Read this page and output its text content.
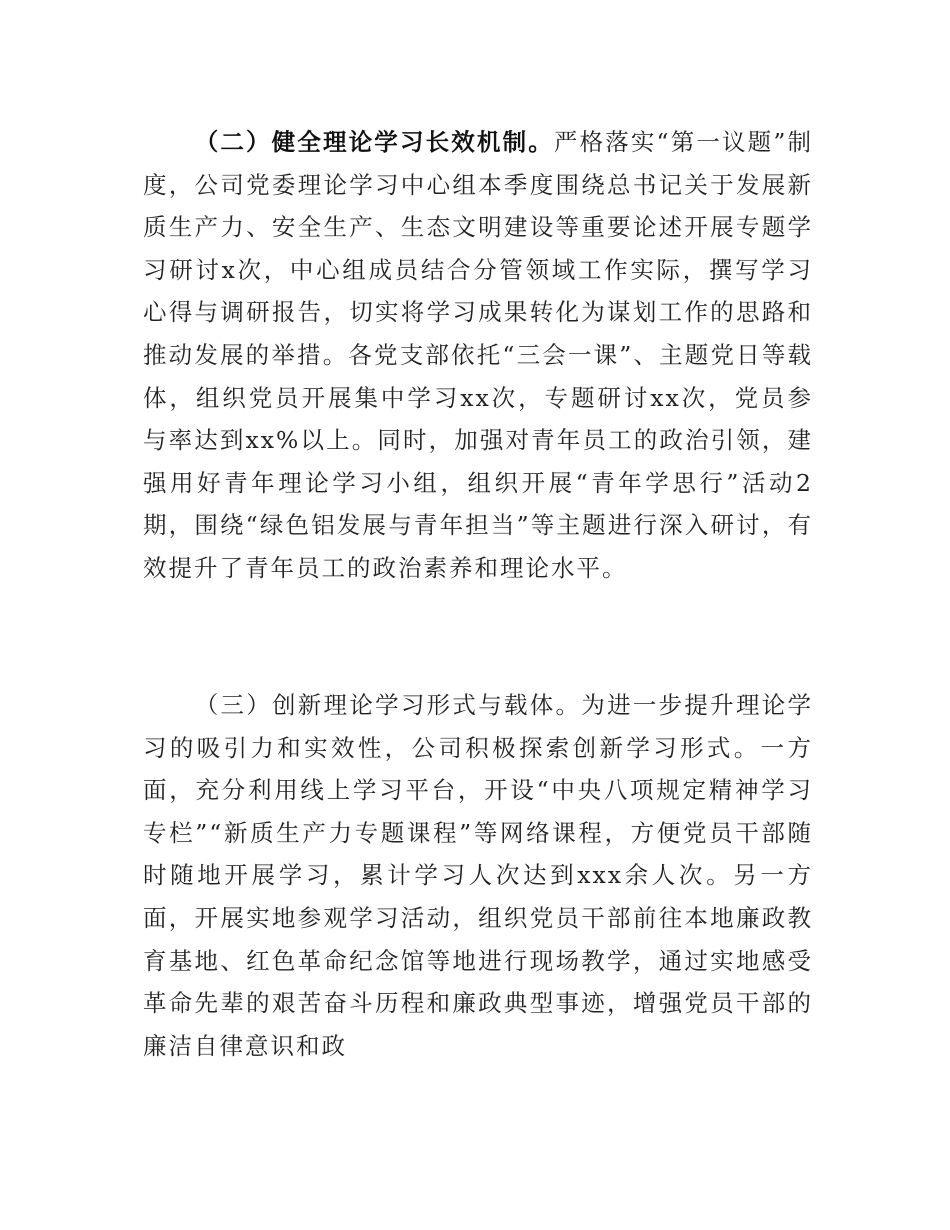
（二）健全理论学习长效机制。严格落实“第一议题”制度，公司党委理论学习中心组本季度围绕总书记关于发展新质生产力、安全生产、生态文明建设等重要论述开展专题学习研讨x次，中心组成员结合分管领域工作实际，撰写学习心得与调研报告，切实将学习成果转化为谋划工作的思路和推动发展的举措。各党支部依托“三会一课”、主题党日等载体，组织党员开展集中学习xx次，专题研讨xx次，党员参与率达到xx%以上。同时，加强对青年员工的政治引领，建强用好青年理论学习小组，组织开展“青年学思行”活动2期，围绕“绿色铝发展与青年担当”等主题进行深入研讨，有效提升了青年员工的政治素养和理论水平。

（三）创新理论学习形式与载体。为进一步提升理论学习的吸引力和实效性，公司积极探索创新学习形式。一方面，充分利用线上学习平台，开设“中央八项规定精神学习专栏”“新质生产力专题课程”等网络课程，方便党员干部随时随地开展学习，累计学习人次达到xxx余人次。另一方面，开展实地参观学习活动，组织党员干部前往本地廉政教育基地、红色革命纪念馆等地进行现场教学，通过实地感受革命先辈的艰苦奋斗历程和廉政典型事迹，增强党员干部的廉洁自律意识和政
